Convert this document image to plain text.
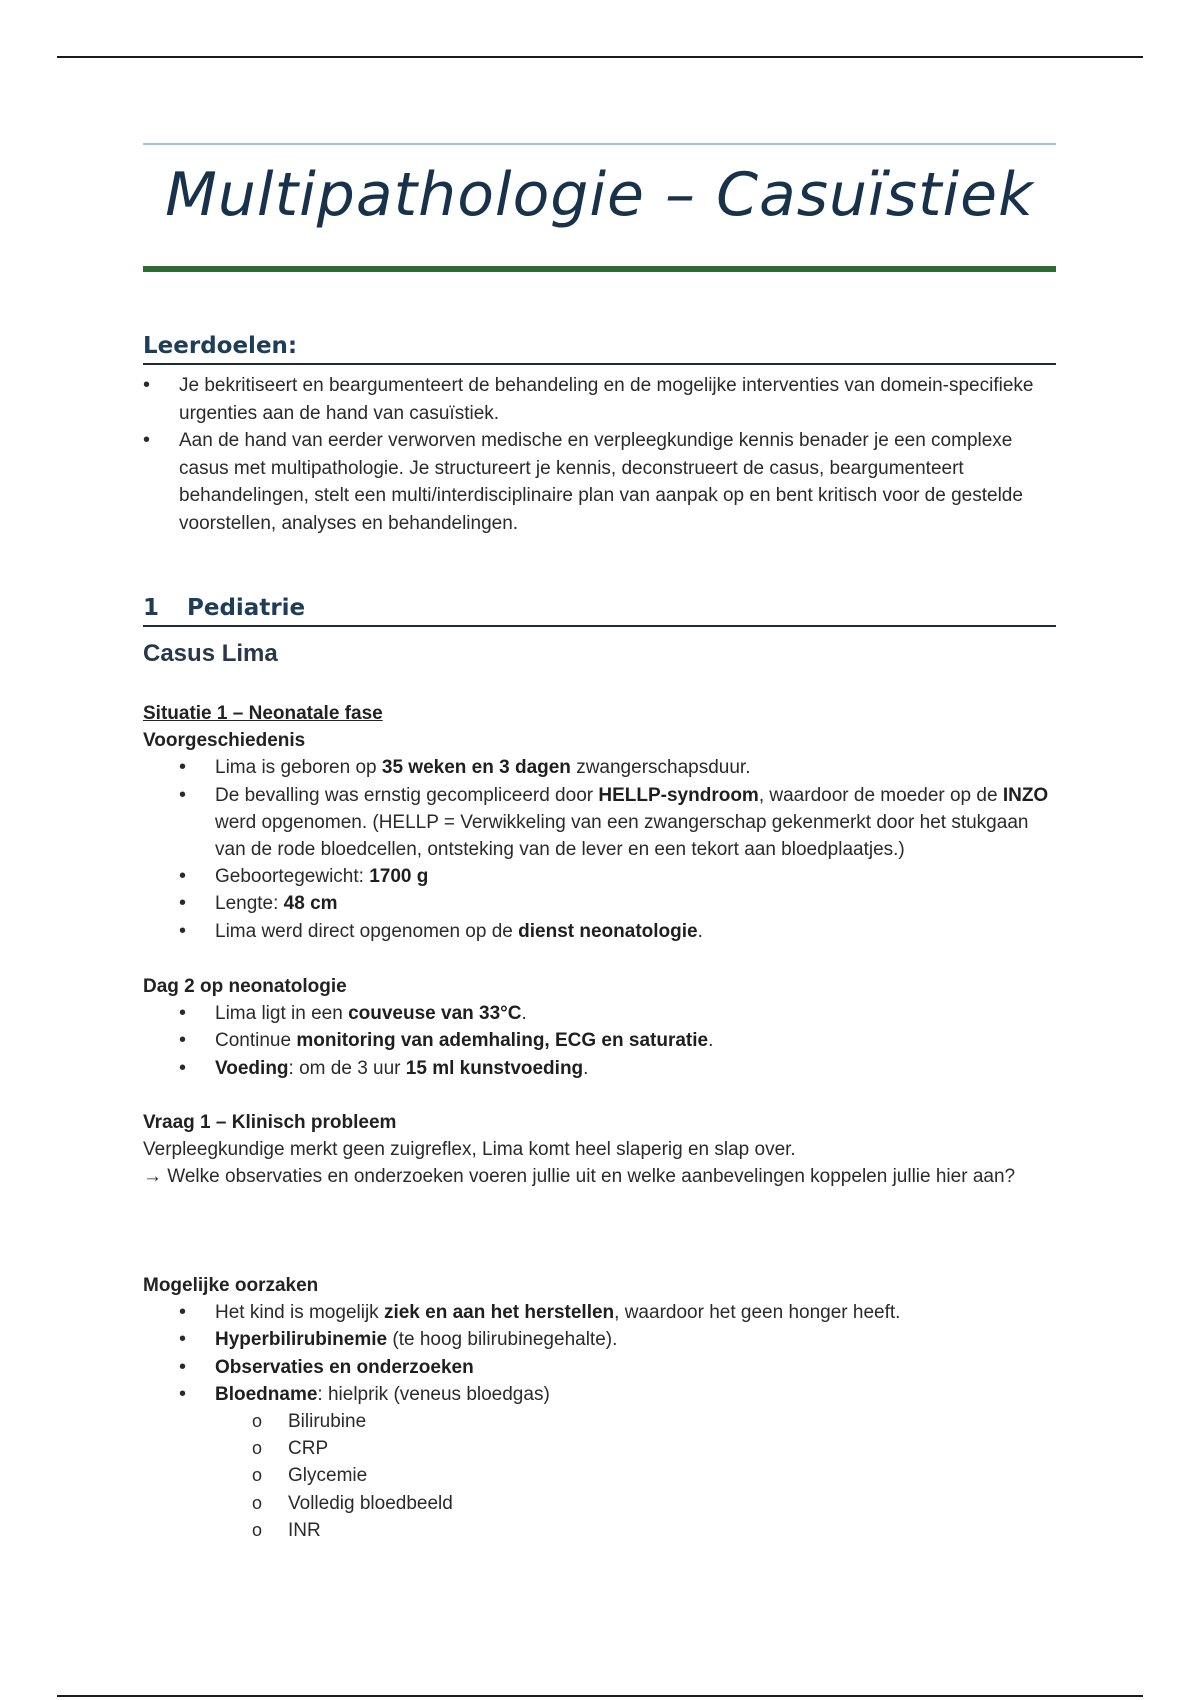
Multipathologie – Casuïstiek
Leerdoelen:
• Je bekritiseert en beargumenteert de behandeling en de mogelijke interventies van domein-specifieke urgenties aan de hand van casuïstiek.
• Aan de hand van eerder verworven medische en verpleegkundige kennis benader je een complexe casus met multipathologie. Je structureert je kennis, deconstrueert de casus, beargumenteert behandelingen, stelt een multi/interdisciplinaire plan van aanpak op en bent kritisch voor de gestelde voorstellen, analyses en behandelingen.
1 Pediatrie
Casus Lima

Situatie 1 – Neonatale fase

Voorgeschiedenis

• Lima is geboren op 35 weken en 3 dagen zwangerschapsduur.
• De bevalling was ernstig gecompliceerd door HELLP-syndroom, waardoor de moeder op de INZO werd opgenomen. (HELLP = Verwikkeling van een zwangerschap gekenmerkt door het stukgaan van de rode bloedcellen, ontsteking van de lever en een tekort aan bloedplaatjes.)
• Geboortegewicht: 1700 g
• Lengte: 48 cm
• Lima werd direct opgenomen op de dienst neonatologie.

Dag 2 op neonatologie

• Lima ligt in een couveuse van 33°C.
• Continue monitoring van ademhaling, ECG en saturatie.
• Voeding: om de 3 uur 15 ml kunstvoeding.

Vraag 1 – Klinisch probleem

Verpleegkundige merkt geen zuigreflex, Lima komt heel slaperig en slap over.

→ Welke observaties en onderzoeken voeren jullie uit en welke aanbevelingen koppelen jullie hier aan?

Mogelijke oorzaken

• Het kind is mogelijk ziek en aan het herstellen, waardoor het geen honger heeft.
• Hyperbilirubinemie (te hoog bilirubinegehalte).
• Observaties en onderzoeken
• Bloedname: hielprik (veneus bloedgas)
o Bilirubine
o CRP
o Glycemie
o Volledig bloedbeeld
o INR
